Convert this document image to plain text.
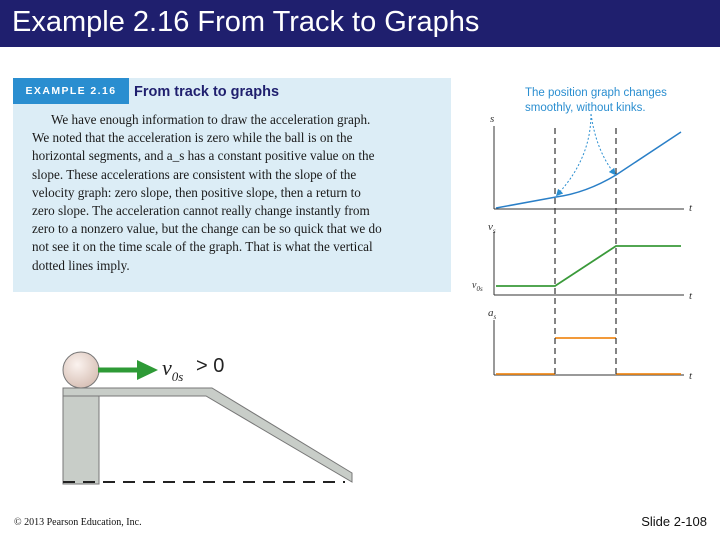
Example 2.16 From Track to Graphs
EXAMPLE 2.16	From track to graphs
We have enough information to draw the acceleration graph.
We noted that the acceleration is zero while the ball is on the
horizontal segments, and a_s has a constant positive value on the
slope. These accelerations are consistent with the slope of the
velocity graph: zero slope, then positive slope, then a return to
zero slope. The acceleration cannot really change instantly from
zero to a nonzero value, but the change can be so quick that we do
not see it on the time scale of the graph. That is what the vertical
dotted lines imply.
The position graph changes
smoothly, without kinks.
s
t
$v_s$
t
$v_{0s}$
$a_s$
t
$v_{0s} > 0$
© 2013 Pearson Education, Inc.	Slide 2-108
